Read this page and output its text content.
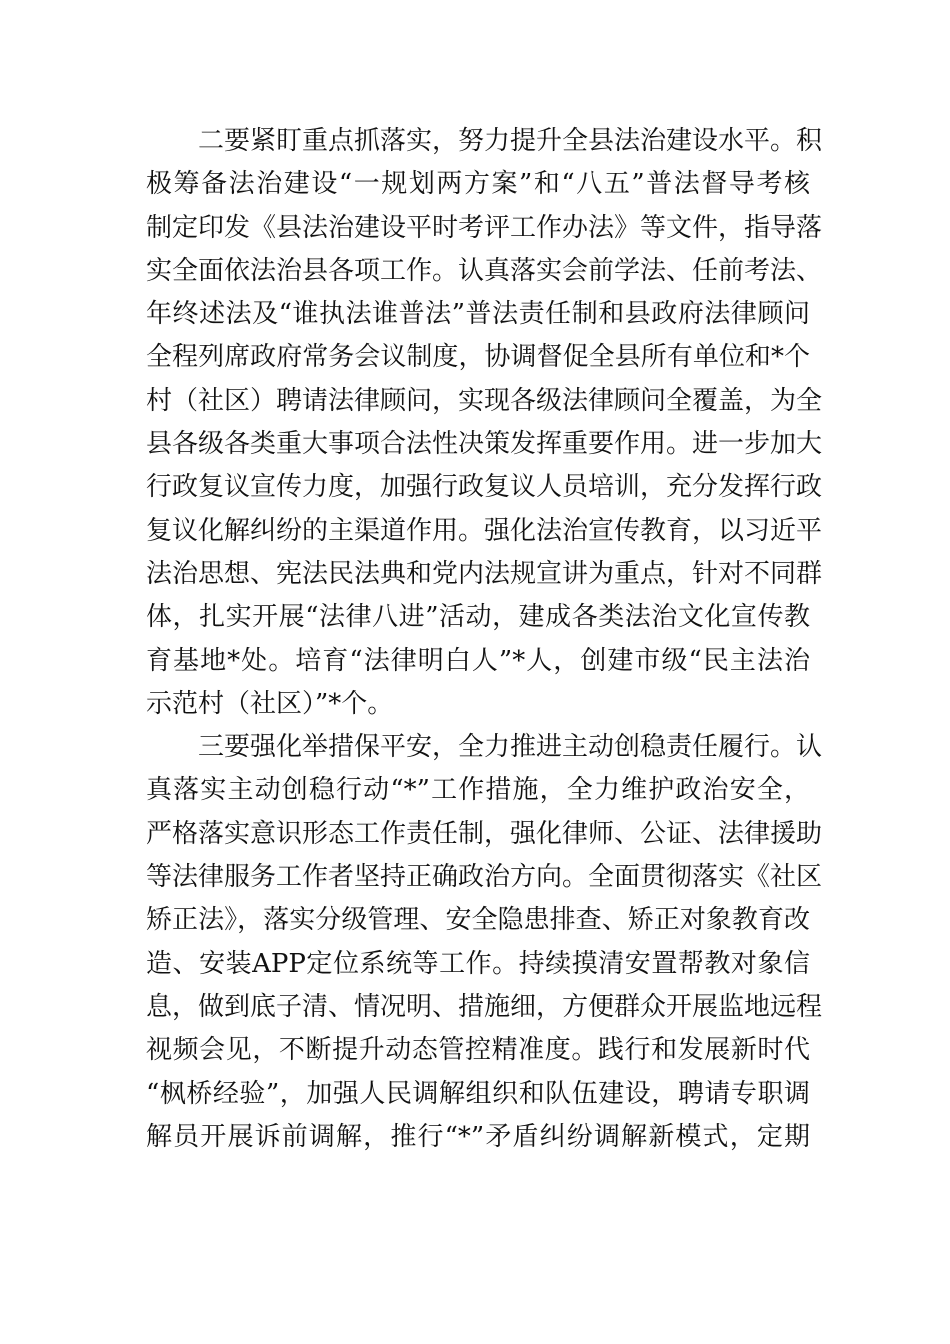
二要紧盯重点抓落实，努力提升全县法治建设水平。积
极筹备法治建设“一规划两方案”和“八五”普法督导考核
制定印发《县法治建设平时考评工作办法》等文件，指导落
实全面依法治县各项工作。认真落实会前学法、任前考法、
年终述法及“谁执法谁普法”普法责任制和县政府法律顾问
全程列席政府常务会议制度，协调督促全县所有单位和*个
村（社区）聘请法律顾问，实现各级法律顾问全覆盖，为全
县各级各类重大事项合法性决策发挥重要作用。进一步加大
行政复议宣传力度，加强行政复议人员培训，充分发挥行政
复议化解纠纷的主渠道作用。强化法治宣传教育，以习近平
法治思想、宪法民法典和党内法规宣讲为重点，针对不同群
体，扎实开展“法律八进”活动，建成各类法治文化宣传教
育基地*处。培育“法律明白人”*人，创建市级“民主法治
示范村（社区）”*个。
三要强化举措保平安，全力推进主动创稳责任履行。认
真落实主动创稳行动“*”工作措施，全力维护政治安全，
严格落实意识形态工作责任制，强化律师、公证、法律援助
等法律服务工作者坚持正确政治方向。全面贯彻落实《社区
矫正法》，落实分级管理、安全隐患排查、矫正对象教育改
造、安装APP定位系统等工作。持续摸清安置帮教对象信
息，做到底子清、情况明、措施细，方便群众开展监地远程
视频会见，不断提升动态管控精准度。践行和发展新时代
“枫桥经验”，加强人民调解组织和队伍建设，聘请专职调
解员开展诉前调解，推行“*”矛盾纠纷调解新模式，定期
